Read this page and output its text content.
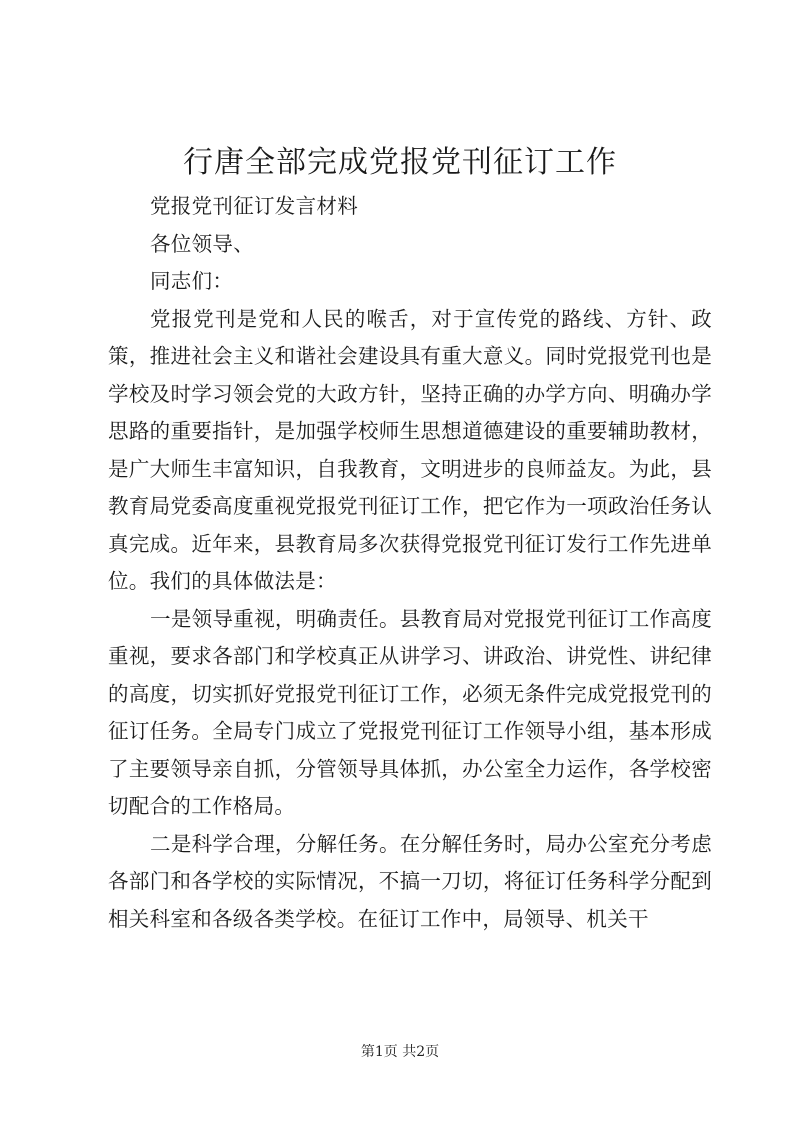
行唐全部完成党报党刊征订工作

党报党刊征订发言材料

各位领导、

同志们：

党报党刊是党和人民的喉舌，对于宣传党的路线、方针、政策，推进社会主义和谐社会建设具有重大意义。同时党报党刊也是学校及时学习领会党的大政方针，坚持正确的办学方向、明确办学思路的重要指针，是加强学校师生思想道德建设的重要辅助教材，是广大师生丰富知识，自我教育，文明进步的良师益友。为此，县教育局党委高度重视党报党刊征订工作，把它作为一项政治任务认真完成。近年来，县教育局多次获得党报党刊征订发行工作先进单位。我们的具体做法是：

一是领导重视，明确责任。县教育局对党报党刊征订工作高度重视，要求各部门和学校真正从讲学习、讲政治、讲党性、讲纪律的高度，切实抓好党报党刊征订工作，必须无条件完成党报党刊的征订任务。全局专门成立了党报党刊征订工作领导小组，基本形成了主要领导亲自抓，分管领导具体抓，办公室全力运作，各学校密切配合的工作格局。

二是科学合理，分解任务。在分解任务时，局办公室充分考虑各部门和各学校的实际情况，不搞一刀切，将征订任务科学分配到相关科室和各级各类学校。在征订工作中，局领导、机关干

第1页 共2页
